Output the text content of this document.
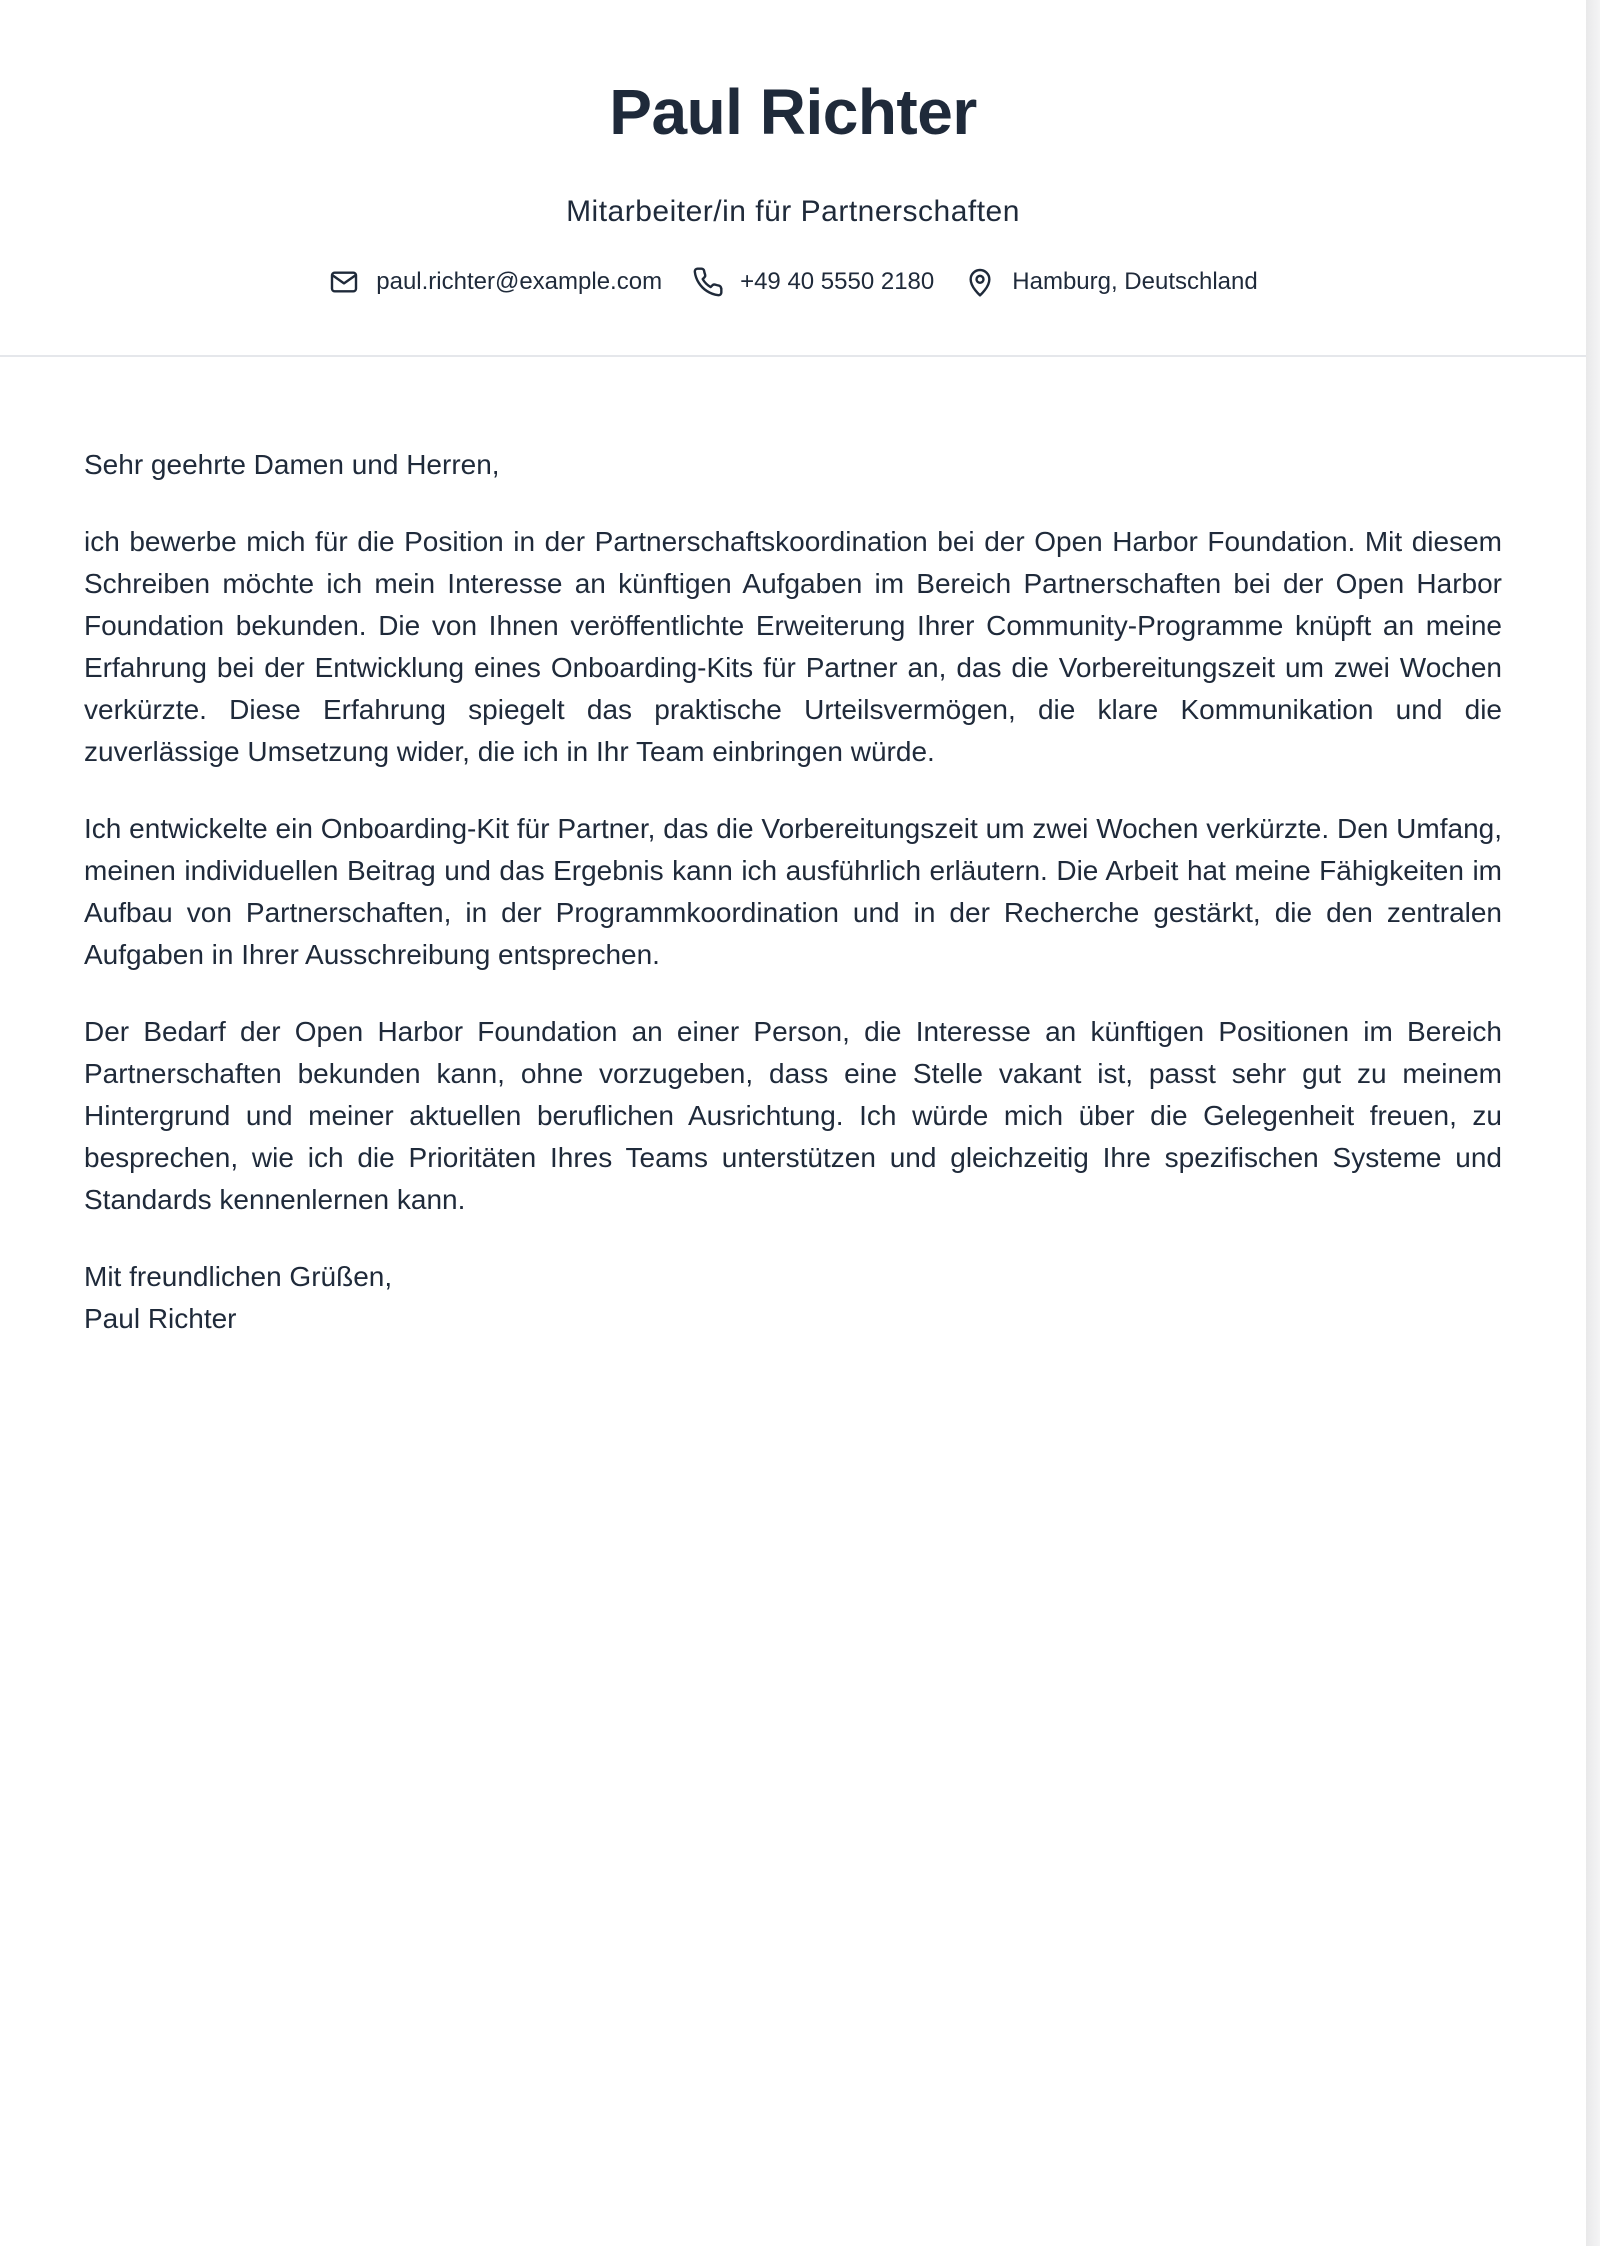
Paul Richter
Mitarbeiter/in für Partnerschaften
paul.richter@example.com	+49 40 5550 2180	Hamburg, Deutschland

Sehr geehrte Damen und Herren,

ich bewerbe mich für die Position in der Partnerschaftskoordination bei der Open Harbor Foundation. Mit diesem Schreiben möchte ich mein Interesse an künftigen Aufgaben im Bereich Partnerschaften bei der Open Harbor Foundation bekunden. Die von Ihnen veröffentlichte Erweiterung Ihrer Community-Programme knüpft an meine Erfahrung bei der Entwicklung eines Onboarding-Kits für Partner an, das die Vorbereitungszeit um zwei Wochen verkürzte. Diese Erfahrung spiegelt das praktische Urteilsvermögen, die klare Kommunikation und die zuverlässige Umsetzung wider, die ich in Ihr Team einbringen würde.

Ich entwickelte ein Onboarding-Kit für Partner, das die Vorbereitungszeit um zwei Wochen verkürzte. Den Umfang, meinen individuellen Beitrag und das Ergebnis kann ich ausführlich erläutern. Die Arbeit hat meine Fähigkeiten im Aufbau von Partnerschaften, in der Programmkoordination und in der Recherche gestärkt, die den zentralen Aufgaben in Ihrer Ausschreibung entsprechen.

Der Bedarf der Open Harbor Foundation an einer Person, die Interesse an künftigen Positionen im Bereich Partnerschaften bekunden kann, ohne vorzugeben, dass eine Stelle vakant ist, passt sehr gut zu meinem Hintergrund und meiner aktuellen beruflichen Ausrichtung. Ich würde mich über die Gelegenheit freuen, zu besprechen, wie ich die Prioritäten Ihres Teams unterstützen und gleichzeitig Ihre spezifischen Systeme und Standards kennenlernen kann.

Mit freundlichen Grüßen,
Paul Richter
